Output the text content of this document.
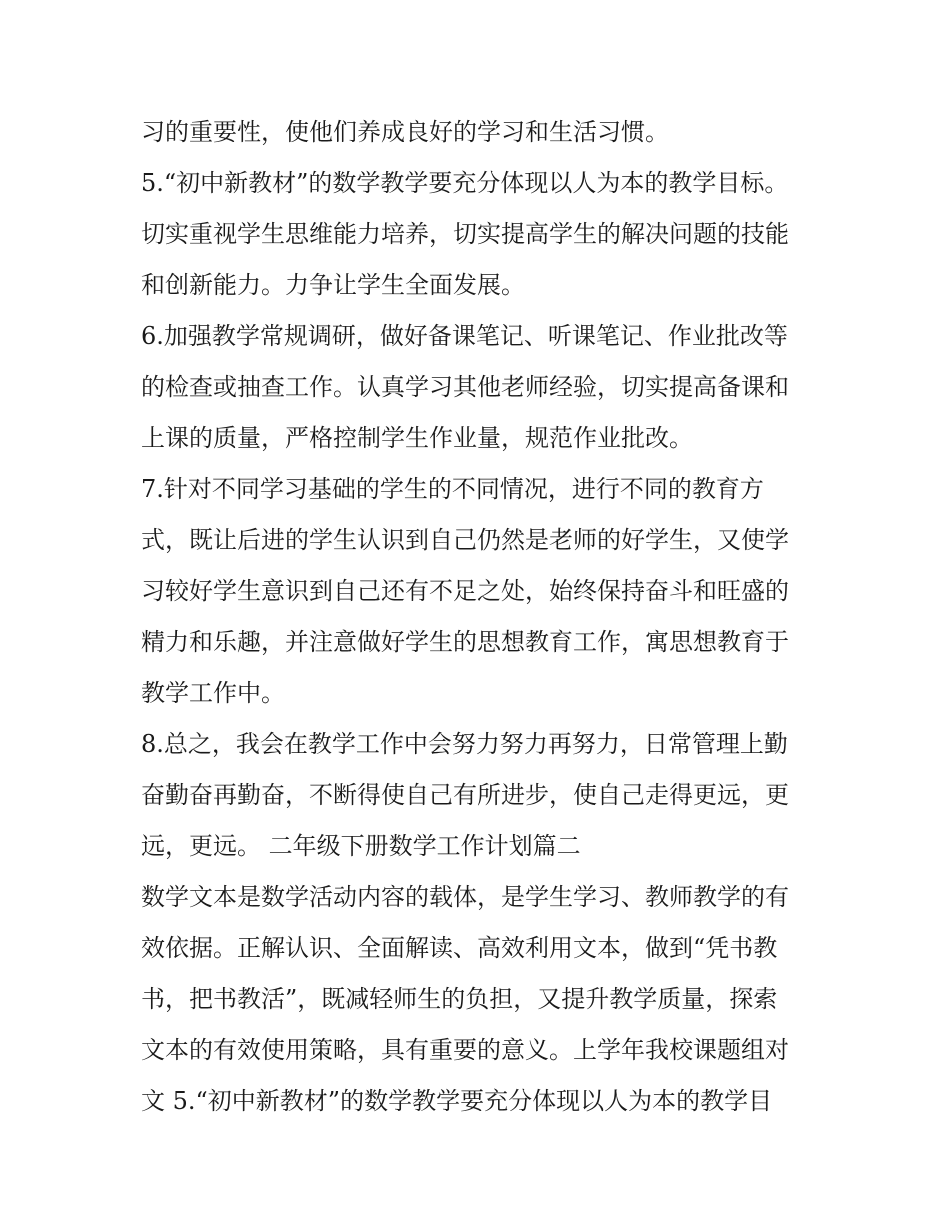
习的重要性，使他们养成良好的学习和生活习惯。
5.“初中新教材”的数学教学要充分体现以人为本的教学目标。
切实重视学生思维能力培养，切实提高学生的解决问题的技能
和创新能力。力争让学生全面发展。
6.加强教学常规调研，做好备课笔记、听课笔记、作业批改等
的检查或抽查工作。认真学习其他老师经验，切实提高备课和
上课的质量，严格控制学生作业量，规范作业批改。
7.针对不同学习基础的学生的不同情况，进行不同的教育方
式，既让后进的学生认识到自己仍然是老师的好学生，又使学
习较好学生意识到自己还有不足之处，始终保持奋斗和旺盛的
精力和乐趣，并注意做好学生的思想教育工作，寓思想教育于
教学工作中。
8.总之，我会在教学工作中会努力努力再努力，日常管理上勤
奋勤奋再勤奋，不断得使自己有所进步，使自己走得更远，更
远，更远。 二年级下册数学工作计划篇二
数学文本是数学活动内容的载体，是学生学习、教师教学的有
效依据。正解认识、全面解读、高效利用文本，做到“凭书教
书，把书教活”，既减轻师生的负担，又提升教学质量，探索
文本的有效使用策略，具有重要的意义。上学年我校课题组对
文 5.“初中新教材”的数学教学要充分体现以人为本的教学目
